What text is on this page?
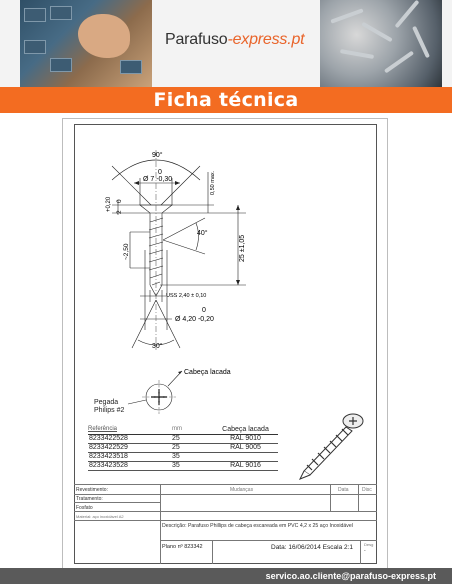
Parafuso-express.pt
Ficha técnica
90°
0
Ø 7 -0,30	0,50 max.
+0,20
2
0
40°
25 ±1,05
~2,50
USS 2,40 ± 0,10
0
Ø 4,20 -0,20
30°
Cabeça lacada
Pegada
Philips #2
Referência	mm	Cabeça lacada
8233422528	25	RAL 9010
8233422529	25	RAL 9005
8233423518	35	
8233423528	35	RAL 9016
Revestimento:	Mudanças	Data	Disc
Tratamento:
Fosfato
Material: aço inoxidável A2
Descrição: Parafuso Phillips de cabeça escareada em PVC 4,2 x 25 aço Inoxidável
Plano nº 823342	Data: 16/06/2014 Escala 2:1	Desg
-
servico.ao.cliente@parafuso-express.pt
